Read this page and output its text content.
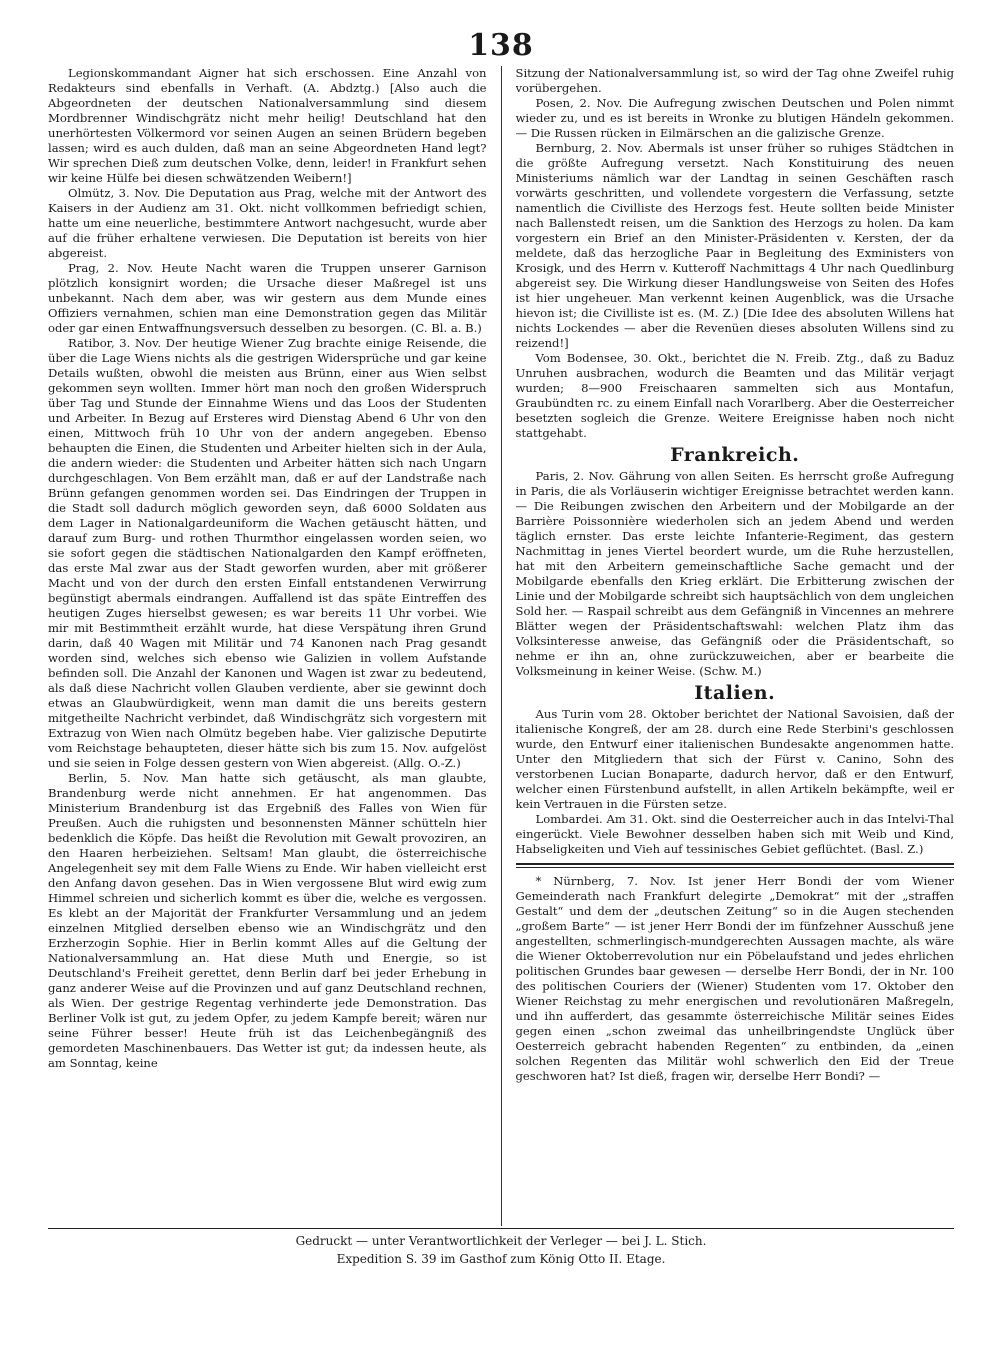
138

Legionskommandant Aigner hat sich erschossen. Eine Anzahl von Redakteurs sind ebenfalls in Verhaft. (A. Abdztg.) [Also auch die Abgeordneten der deutschen Nationalversammlung sind diesem Mordbrenner Windischgrätz nicht mehr heilig! Deutschland hat den unerhörtesten Völkermord vor seinen Augen an seinen Brüdern begeben lassen; wird es auch dulden, daß man an seine Abgeordneten Hand legt? Wir sprechen Dieß zum deutschen Volke, denn, leider! in Frankfurt sehen wir keine Hülfe bei diesen schwätzenden Weibern!]

Olmütz, 3. Nov. Die Deputation aus Prag, welche mit der Antwort des Kaisers in der Audienz am 31. Okt. nicht vollkommen befriedigt schien, hatte um eine neuerliche, bestimmtere Antwort nachgesucht, wurde aber auf die früher erhaltene verwiesen. Die Deputation ist bereits von hier abgereist.

Prag, 2. Nov. Heute Nacht waren die Truppen unserer Garnison plötzlich konsignirt worden; die Ursache dieser Maßregel ist uns unbekannt. Nach dem aber, was wir gestern aus dem Munde eines Offiziers vernahmen, schien man eine Demonstration gegen das Militär oder gar einen Entwaffnungsversuch desselben zu besorgen. (C. Bl. a. B.)

Ratibor, 3. Nov. Der heutige Wiener Zug brachte einige Reisende, die über die Lage Wiens nichts als die gestrigen Widersprüche und gar keine Details wußten, obwohl die meisten aus Brünn, einer aus Wien selbst gekommen seyn wollten. Immer hört man noch den großen Widerspruch über Tag und Stunde der Einnahme Wiens und das Loos der Studenten und Arbeiter. In Bezug auf Ersteres wird Dienstag Abend 6 Uhr von den einen, Mittwoch früh 10 Uhr von der andern angegeben. Ebenso behaupten die Einen, die Studenten und Arbeiter hielten sich in der Aula, die andern wieder: die Studenten und Arbeiter hätten sich nach Ungarn durchgeschlagen. Von Bem erzählt man, daß er auf der Landstraße nach Brünn gefangen genommen worden sei. Das Eindringen der Truppen in die Stadt soll dadurch möglich geworden seyn, daß 6000 Soldaten aus dem Lager in Nationalgardeuniform die Wachen getäuscht hätten, und darauf zum Burg- und rothen Thurmthor eingelassen worden seien, wo sie sofort gegen die städtischen Nationalgarden den Kampf eröffneten, das erste Mal zwar aus der Stadt geworfen wurden, aber mit größerer Macht und von der durch den ersten Einfall entstandenen Verwirrung begünstigt abermals eindrangen. Auffallend ist das späte Eintreffen des heutigen Zuges hierselbst gewesen; es war bereits 11 Uhr vorbei. Wie mir mit Bestimmtheit erzählt wurde, hat diese Verspätung ihren Grund darin, daß 40 Wagen mit Militär und 74 Kanonen nach Prag gesandt worden sind, welches sich ebenso wie Galizien in vollem Aufstande befinden soll. Die Anzahl der Kanonen und Wagen ist zwar zu bedeutend, als daß diese Nachricht vollen Glauben verdiente, aber sie gewinnt doch etwas an Glaubwürdigkeit, wenn man damit die uns bereits gestern mitgetheilte Nachricht verbindet, daß Windischgrätz sich vorgestern mit Extrazug von Wien nach Olmütz begeben habe. Vier galizische Deputirte vom Reichstage behaupteten, dieser hätte sich bis zum 15. Nov. aufgelöst und sie seien in Folge dessen gestern von Wien abgereist. (Allg. O.-Z.)

Berlin, 5. Nov. Man hatte sich getäuscht, als man glaubte, Brandenburg werde nicht annehmen. Er hat angenommen. Das Ministerium Brandenburg ist das Ergebniß des Falles von Wien für Preußen. Auch die ruhigsten und besonnensten Männer schütteln hier bedenklich die Köpfe. Das heißt die Revolution mit Gewalt provoziren, an den Haaren herbeiziehen. Seltsam! Man glaubt, die österreichische Angelegenheit sey mit dem Falle Wiens zu Ende. Wir haben vielleicht erst den Anfang davon gesehen. Das in Wien vergossene Blut wird ewig zum Himmel schreien und sicherlich kommt es über die, welche es vergossen. Es klebt an der Majorität der Frankfurter Versammlung und an jedem einzelnen Mitglied derselben ebenso wie an Windischgrätz und den Erzherzogin Sophie. Hier in Berlin kommt Alles auf die Geltung der Nationalversammlung an. Hat diese Muth und Energie, so ist Deutschland's Freiheit gerettet, denn Berlin darf bei jeder Erhebung in ganz anderer Weise auf die Provinzen und auf ganz Deutschland rechnen, als Wien. Der gestrige Regentag verhinderte jede Demonstration. Das Berliner Volk ist gut, zu jedem Opfer, zu jedem Kampfe bereit; wären nur seine Führer besser! Heute früh ist das Leichenbegängniß des gemordeten Maschinenbauers. Das Wetter ist gut; da indessen heute, als am Sonntag, keine

Sitzung der Nationalversammlung ist, so wird der Tag ohne Zweifel ruhig vorübergehen.

Posen, 2. Nov. Die Aufregung zwischen Deutschen und Polen nimmt wieder zu, und es ist bereits in Wronke zu blutigen Händeln gekommen. — Die Russen rücken in Eilmärschen an die galizische Grenze.

Bernburg, 2. Nov. Abermals ist unser früher so ruhiges Städtchen in die größte Aufregung versetzt. Nach Konstituirung des neuen Ministeriums nämlich war der Landtag in seinen Geschäften rasch vorwärts geschritten, und vollendete vorgestern die Verfassung, setzte namentlich die Civilliste des Herzogs fest. Heute sollten beide Minister nach Ballenstedt reisen, um die Sanktion des Herzogs zu holen. Da kam vorgestern ein Brief an den Minister-Präsidenten v. Kersten, der da meldete, daß das herzogliche Paar in Begleitung des Exministers von Krosigk, und des Herrn v. Kutteroff Nachmittags 4 Uhr nach Quedlinburg abgereist sey. Die Wirkung dieser Handlungsweise von Seiten des Hofes ist hier ungeheuer. Man verkennt keinen Augenblick, was die Ursache hievon ist; die Civilliste ist es. (M. Z.) [Die Idee des absoluten Willens hat nichts Lockendes — aber die Revenüen dieses absoluten Willens sind zu reizend!]

Vom Bodensee, 30. Okt., berichtet die N. Freib. Ztg., daß zu Baduz Unruhen ausbrachen, wodurch die Beamten und das Militär verjagt wurden; 8—900 Freischaaren sammelten sich aus Montafun, Graubündten rc. zu einem Einfall nach Vorarlberg. Aber die Oesterreicher besetzten sogleich die Grenze. Weitere Ereignisse haben noch nicht stattgehabt.

Frankreich.

Paris, 2. Nov. Gährung von allen Seiten. Es herrscht große Aufregung in Paris, die als Vorläuserin wichtiger Ereignisse betrachtet werden kann. — Die Reibungen zwischen den Arbeitern und der Mobilgarde an der Barrière Poissonnière wiederholen sich an jedem Abend und werden täglich ernster. Das erste leichte Infanterie-Regiment, das gestern Nachmittag in jenes Viertel beordert wurde, um die Ruhe herzustellen, hat mit den Arbeitern gemeinschaftliche Sache gemacht und der Mobilgarde ebenfalls den Krieg erklärt. Die Erbitterung zwischen der Linie und der Mobilgarde schreibt sich hauptsächlich von dem ungleichen Sold her. — Raspail schreibt aus dem Gefängniß in Vincennes an mehrere Blätter wegen der Präsidentschaftswahl: welchen Platz ihm das Volksinteresse anweise, das Gefängniß oder die Präsidentschaft, so nehme er ihn an, ohne zurückzuweichen, aber er bearbeite die Volksmeinung in keiner Weise. (Schw. M.)

Italien.

Aus Turin vom 28. Oktober berichtet der National Savoisien, daß der italienische Kongreß, der am 28. durch eine Rede Sterbini's geschlossen wurde, den Entwurf einer italienischen Bundesakte angenommen hatte. Unter den Mitgliedern that sich der Fürst v. Canino, Sohn des verstorbenen Lucian Bonaparte, dadurch hervor, daß er den Entwurf, welcher einen Fürstenbund aufstellt, in allen Artikeln bekämpfte, weil er kein Vertrauen in die Fürsten setze.

Lombardei. Am 31. Okt. sind die Oesterreicher auch in das Intelvi-Thal eingerückt. Viele Bewohner desselben haben sich mit Weib und Kind, Habseligkeiten und Vieh auf tessinisches Gebiet geflüchtet. (Basl. Z.)

* Nürnberg, 7. Nov. Ist jener Herr Bondi der vom Wiener Gemeinderath nach Frankfurt delegirte „Demokrat“ mit der „straffen Gestalt“ und dem der „deutschen Zeitung“ so in die Augen stechenden „großem Barte“ — ist jener Herr Bondi der im fünfzehner Ausschuß jene angestellten, schmerlingisch-mundgerechten Aussagen machte, als wäre die Wiener Oktoberrevolution nur ein Pöbelaufstand und jedes ehrlichen politischen Grundes baar gewesen — derselbe Herr Bondi, der in Nr. 100 des politischen Couriers der (Wiener) Studenten vom 17. Oktober den Wiener Reichstag zu mehr energischen und revolutionären Maßregeln, und ihn aufferdert, das gesammte österreichische Militär seines Eides gegen einen „schon zweimal das unheilbringendste Unglück über Oesterreich gebracht habenden Regenten“ zu entbinden, da „einen solchen Regenten das Militär wohl schwerlich den Eid der Treue geschworen hat? Ist dieß, fragen wir, derselbe Herr Bondi? —

Gedruckt — unter Verantwortlichkeit der Verleger — bei J. L. Stich.
Expedition S. 39 im Gasthof zum König Otto II. Etage.
